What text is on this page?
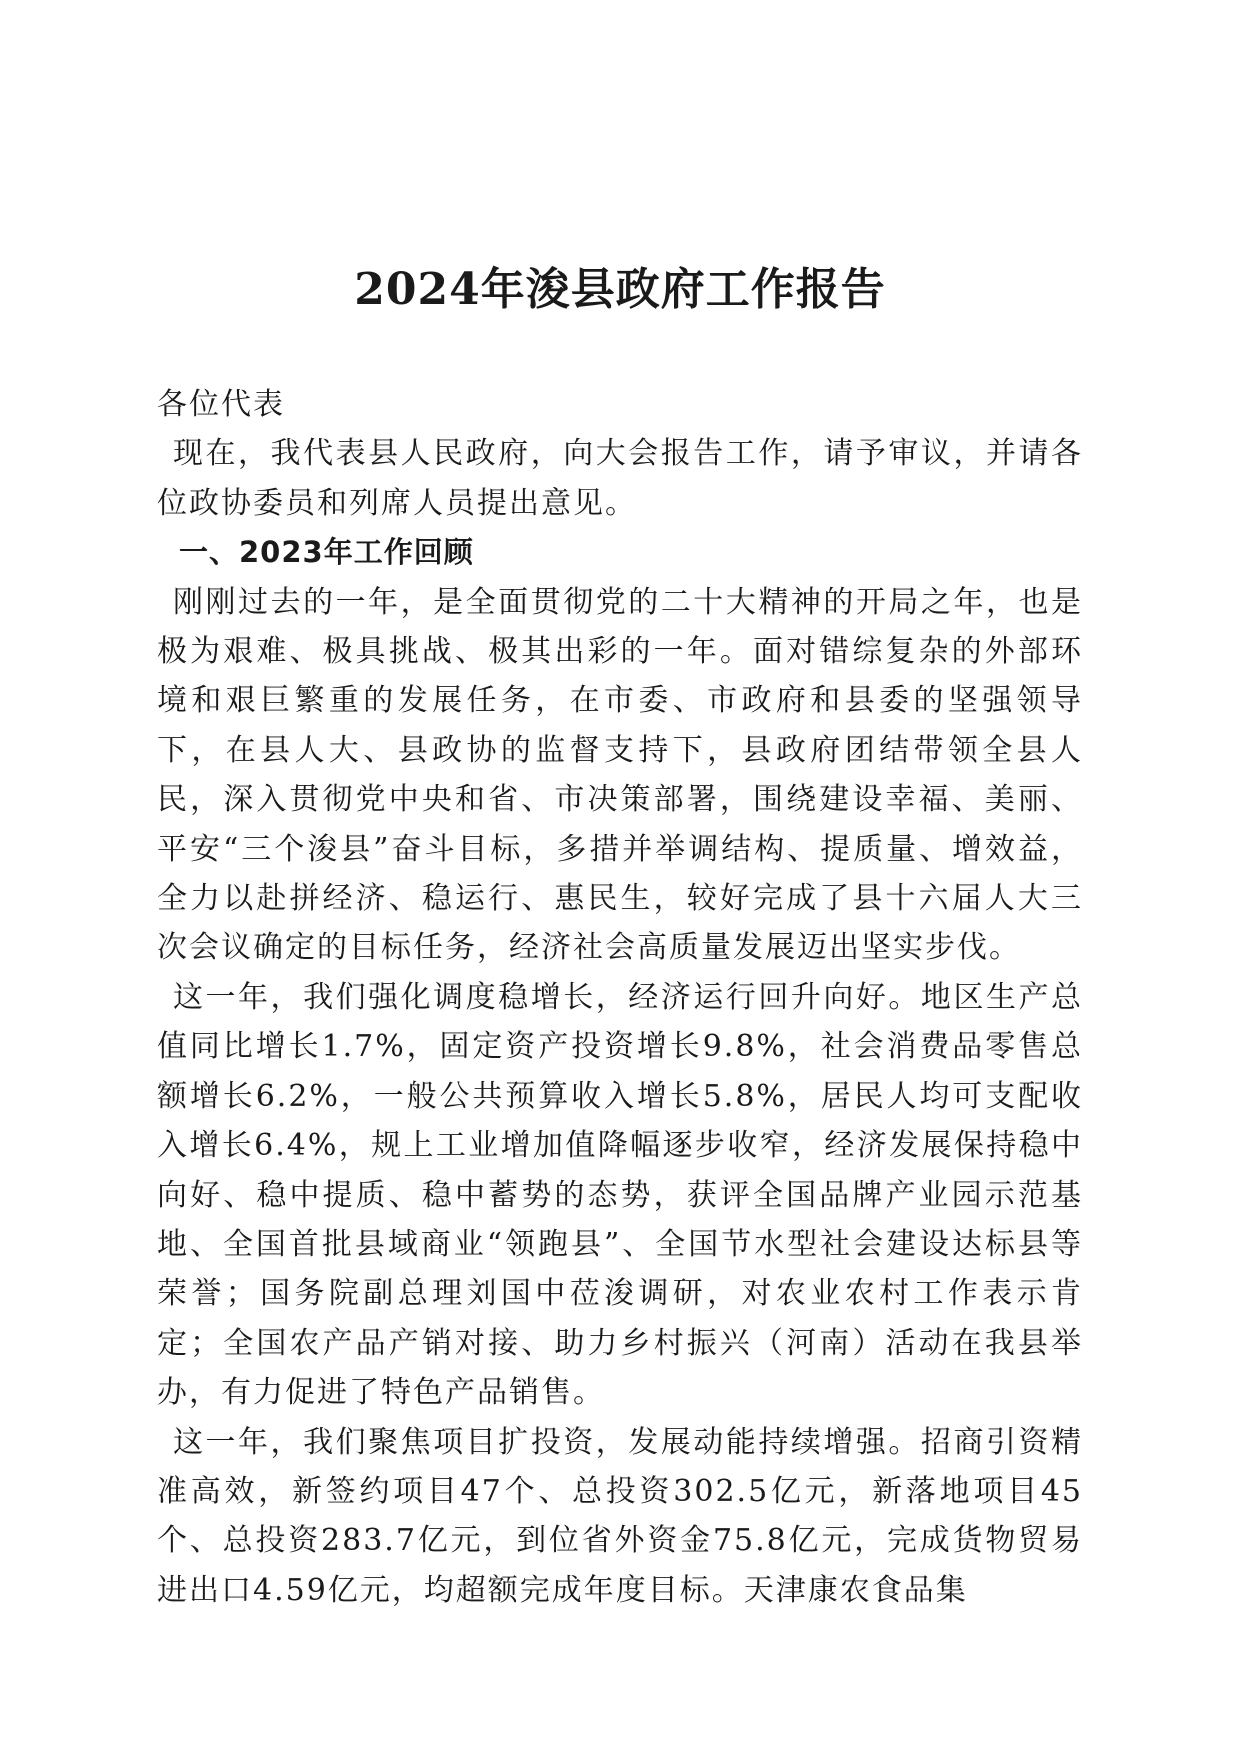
2024年浚县政府工作报告

各位代表

现在，我代表县人民政府，向大会报告工作，请予审议，并请各位政协委员和列席人员提出意见。

一、2023年工作回顾

刚刚过去的一年，是全面贯彻党的二十大精神的开局之年，也是极为艰难、极具挑战、极其出彩的一年。面对错综复杂的外部环境和艰巨繁重的发展任务，在市委、市政府和县委的坚强领导下，在县人大、县政协的监督支持下，县政府团结带领全县人民，深入贯彻党中央和省、市决策部署，围绕建设幸福、美丽、平安“三个浚县”奋斗目标，多措并举调结构、提质量、增效益，全力以赴拼经济、稳运行、惠民生，较好完成了县十六届人大三次会议确定的目标任务，经济社会高质量发展迈出坚实步伐。

这一年，我们强化调度稳增长，经济运行回升向好。地区生产总值同比增长1.7%，固定资产投资增长9.8%，社会消费品零售总额增长6.2%，一般公共预算收入增长5.8%，居民人均可支配收入增长6.4%，规上工业增加值降幅逐步收窄，经济发展保持稳中向好、稳中提质、稳中蓄势的态势，获评全国品牌产业园示范基地、全国首批县域商业“领跑县”、全国节水型社会建设达标县等荣誉；国务院副总理刘国中莅浚调研，对农业农村工作表示肯定；全国农产品产销对接、助力乡村振兴（河南）活动在我县举办，有力促进了特色产品销售。

这一年，我们聚焦项目扩投资，发展动能持续增强。招商引资精准高效，新签约项目47个、总投资302.5亿元，新落地项目45个、总投资283.7亿元，到位省外资金75.8亿元，完成货物贸易进出口4.59亿元，均超额完成年度目标。天津康农食品集
